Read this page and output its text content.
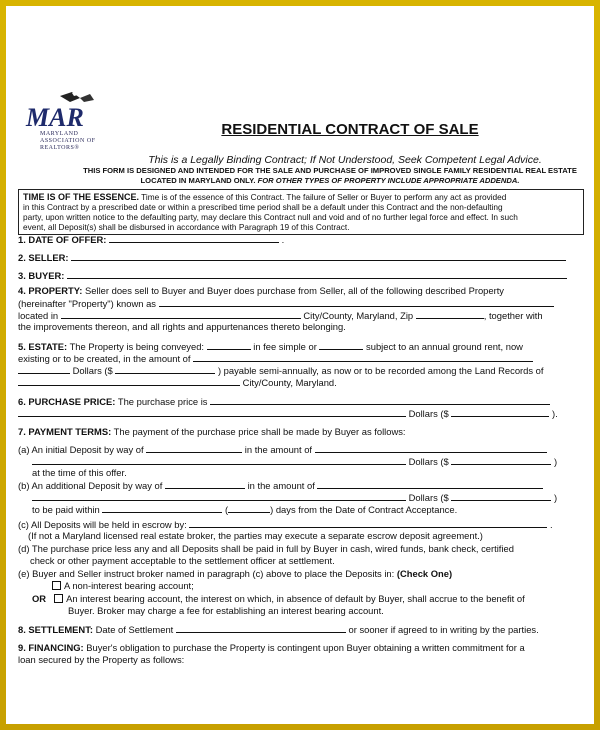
MAR
MARYLAND
ASSOCIATION OF
REALTORS®
RESIDENTIAL CONTRACT OF SALE
This is a Legally Binding Contract; If Not Understood, Seek Competent Legal Advice.
THIS FORM IS DESIGNED AND INTENDED FOR THE SALE AND PURCHASE OF IMPROVED SINGLE FAMILY RESIDENTIAL REAL ESTATE
LOCATED IN MARYLAND ONLY. FOR OTHER TYPES OF PROPERTY INCLUDE APPROPRIATE ADDENDA.
TIME IS OF THE ESSENCE. Time is of the essence of this Contract. The failure of Seller or Buyer to perform any act as provided
in this Contract by a prescribed date or within a prescribed time period shall be a default under this Contract and the non-defaulting
party, upon written notice to the defaulting party, may declare this Contract null and void and of no further legal force and effect. In such
event, all Deposit(s) shall be disbursed in accordance with Paragraph 19 of this Contract.
1. DATE OF OFFER:	.
2. SELLER:
3. BUYER:
4. PROPERTY: Seller does sell to Buyer and Buyer does purchase from Seller, all of the following described Property
(hereinafter "Property") known as
located in	City/County, Maryland, Zip	, together with
the improvements thereon, and all rights and appurtenances thereto belonging.
5. ESTATE: The Property is being conveyed:	in fee simple or	subject to an annual ground rent, now
existing or to be created, in the amount of
Dollars ($	) payable semi-annually, as now or to be recorded among the Land Records of
City/County, Maryland.
6. PURCHASE PRICE: The purchase price is
Dollars ($	).
7. PAYMENT TERMS: The payment of the purchase price shall be made by Buyer as follows:
(a) An initial Deposit by way of	in the amount of
Dollars ($	)
at the time of this offer.
(b) An additional Deposit by way of	in the amount of
Dollars ($	)
to be paid within	(	) days from the Date of Contract Acceptance.
(c) All Deposits will be held in escrow by:	.
(If not a Maryland licensed real estate broker, the parties may execute a separate escrow deposit agreement.)
(d) The purchase price less any and all Deposits shall be paid in full by Buyer in cash, wired funds, bank check, certified
check or other payment acceptable to the settlement officer at settlement.
(e) Buyer and Seller instruct broker named in paragraph (c) above to place the Deposits in: (Check One)
A non-interest bearing account;
OR An interest bearing account, the interest on which, in absence of default by Buyer, shall accrue to the benefit of
Buyer. Broker may charge a fee for establishing an interest bearing account.
8. SETTLEMENT: Date of Settlement	or sooner if agreed to in writing by the parties.
9. FINANCING: Buyer's obligation to purchase the Property is contingent upon Buyer obtaining a written commitment for a
loan secured by the Property as follows:
